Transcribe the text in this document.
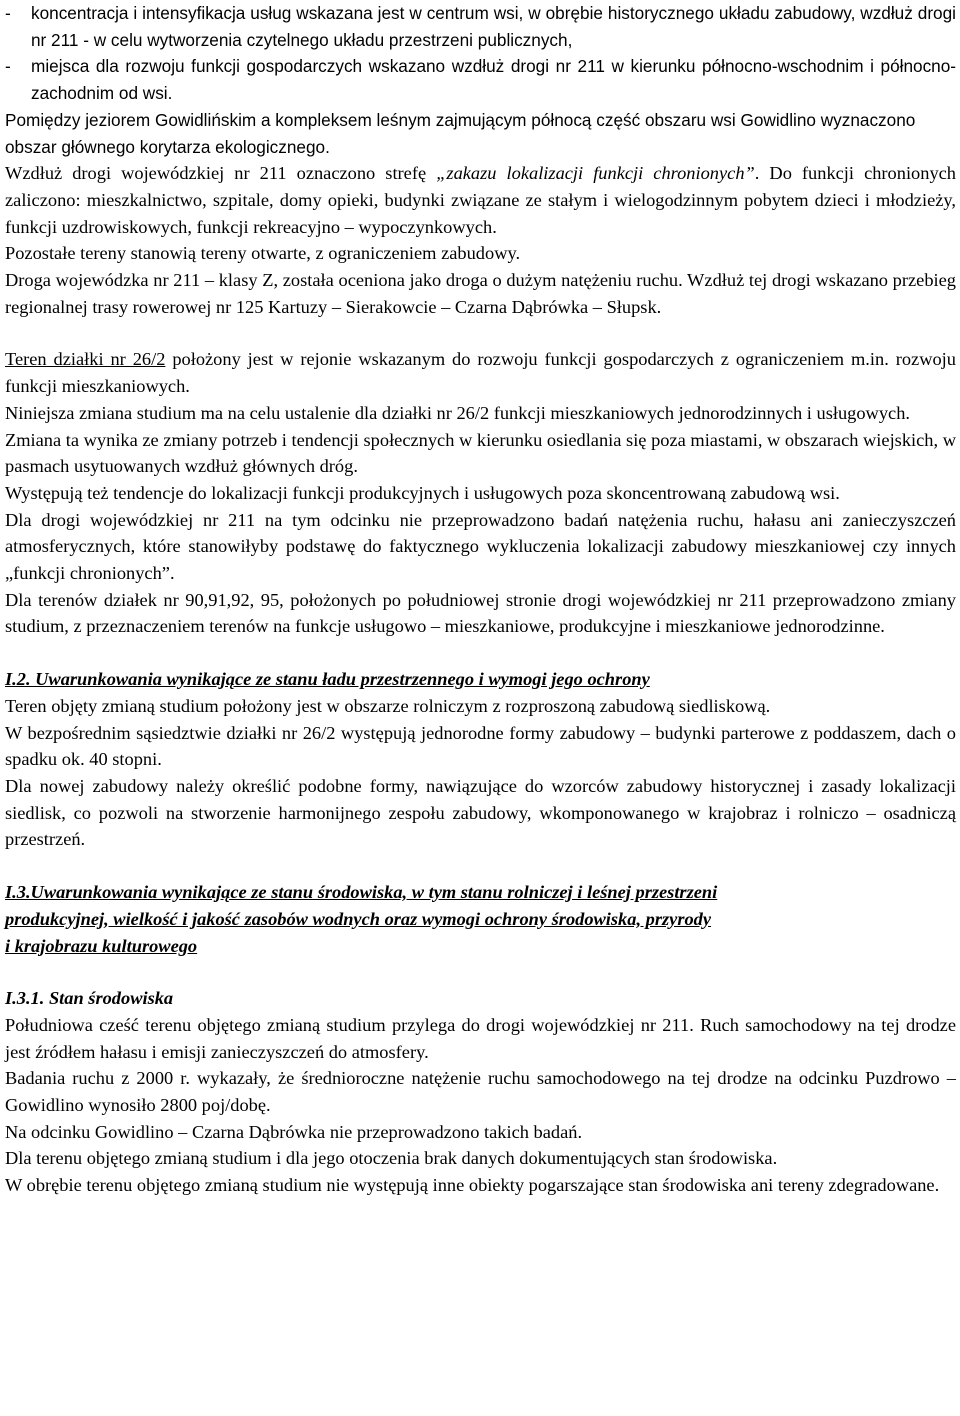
-	koncentracja i intensyfikacja usług wskazana jest w centrum wsi, w obrębie historycznego układu zabudowy, wzdłuż drogi nr 211 - w celu wytworzenia czytelnego układu przestrzeni publicznych,
-	miejsca dla rozwoju funkcji gospodarczych wskazano wzdłuż drogi nr 211 w kierunku północno-wschodnim i północno-zachodnim od wsi.

Pomiędzy jeziorem Gowidlińskim a kompleksem leśnym zajmującym północą część obszaru wsi Gowidlino wyznaczono obszar głównego korytarza ekologicznego.

Wzdłuż drogi wojewódzkiej nr 211 oznaczono strefę „zakazu lokalizacji funkcji chronionych”. Do funkcji chronionych zaliczono: mieszkalnictwo, szpitale, domy opieki, budynki związane ze stałym i wielogodzinnym pobytem dzieci i młodzieży, funkcji uzdrowiskowych, funkcji rekreacyjno – wypoczynkowych.

Pozostałe tereny stanowią tereny otwarte, z ograniczeniem zabudowy.

Droga wojewódzka nr 211 – klasy Z, została oceniona jako droga o dużym natężeniu ruchu. Wzdłuż tej drogi wskazano przebieg regionalnej trasy rowerowej nr 125 Kartuzy – Sierakowcie – Czarna Dąbrówka – Słupsk.

Teren działki nr 26/2 położony jest w rejonie wskazanym do rozwoju funkcji gospodarczych z ograniczeniem m.in. rozwoju funkcji mieszkaniowych.

Niniejsza zmiana studium ma na celu ustalenie dla działki nr 26/2 funkcji mieszkaniowych jednorodzinnych i usługowych.

Zmiana ta wynika ze zmiany potrzeb i tendencji społecznych w kierunku osiedlania się poza miastami, w obszarach wiejskich, w pasmach usytuowanych wzdłuż głównych dróg.

Występują też tendencje do lokalizacji funkcji produkcyjnych i usługowych poza skoncentrowaną zabudową wsi.

Dla drogi wojewódzkiej nr 211 na tym odcinku nie przeprowadzono badań natężenia ruchu, hałasu ani zanieczyszczeń atmosferycznych, które stanowiłyby podstawę do faktycznego wykluczenia lokalizacji zabudowy mieszkaniowej czy innych „funkcji chronionych”.

Dla terenów działek nr 90,91,92, 95, położonych po południowej stronie drogi wojewódzkiej nr 211 przeprowadzono zmiany studium, z przeznaczeniem terenów na funkcje usługowo – mieszkaniowe, produkcyjne i mieszkaniowe jednorodzinne.

I.2. Uwarunkowania wynikające ze stanu ładu przestrzennego i wymogi jego ochrony

Teren objęty zmianą studium położony jest w obszarze rolniczym z rozproszoną zabudową siedliskową.

W bezpośrednim sąsiedztwie działki nr 26/2 występują jednorodne formy zabudowy – budynki parterowe z poddaszem, dach o spadku ok. 40 stopni.

Dla nowej zabudowy należy określić podobne formy, nawiązujące do wzorców zabudowy historycznej i zasady lokalizacji siedlisk, co pozwoli na stworzenie harmonijnego zespołu zabudowy, wkomponowanego w krajobraz i rolniczo – osadniczą przestrzeń.

I.3.Uwarunkowania wynikające ze stanu środowiska, w tym stanu rolniczej i leśnej przestrzeni

produkcyjnej, wielkość i jakość zasobów wodnych oraz wymogi ochrony środowiska, przyrody

i krajobrazu kulturowego

I.3.1. Stan środowiska

Południowa cześć terenu objętego zmianą studium przylega do drogi wojewódzkiej nr 211. Ruch samochodowy na tej drodze jest źródłem hałasu i emisji zanieczyszczeń do atmosfery.

Badania ruchu z 2000 r. wykazały, że średnioroczne natężenie ruchu samochodowego na tej drodze na odcinku Puzdrowo – Gowidlino wynosiło 2800 poj/dobę.

Na odcinku Gowidlino – Czarna Dąbrówka nie przeprowadzono takich badań.

Dla terenu objętego zmianą studium i dla jego otoczenia brak danych dokumentujących stan środowiska.

W obrębie terenu objętego zmianą studium nie występują inne obiekty pogarszające stan środowiska ani tereny zdegradowane.
